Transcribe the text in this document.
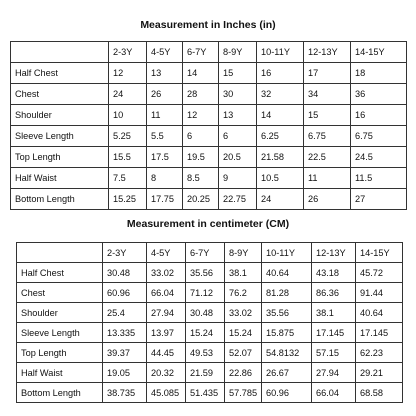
Measurement in Inches (in)
	2-3Y	4-5Y	6-7Y	8-9Y	10-11Y	12-13Y	14-15Y
Half Chest	12	13	14	15	16	17	18
Chest	24	26	28	30	32	34	36
Shoulder	10	11	12	13	14	15	16
Sleeve Length	5.25	5.5	6	6	6.25	6.75	6.75
Top Length	15.5	17.5	19.5	20.5	21.58	22.5	24.5
Half Waist	7.5	8	8.5	9	10.5	11	11.5
Bottom Length	15.25	17.75	20.25	22.75	24	26	27
Measurement in centimeter (CM)
	2-3Y	4-5Y	6-7Y	8-9Y	10-11Y	12-13Y	14-15Y
Half Chest	30.48	33.02	35.56	38.1	40.64	43.18	45.72
Chest	60.96	66.04	71.12	76.2	81.28	86.36	91.44
Shoulder	25.4	27.94	30.48	33.02	35.56	38.1	40.64
Sleeve Length	13.335	13.97	15.24	15.24	15.875	17.145	17.145
Top Length	39.37	44.45	49.53	52.07	54.8132	57.15	62.23
Half Waist	19.05	20.32	21.59	22.86	26.67	27.94	29.21
Bottom Length	38.735	45.085	51.435	57.785	60.96	66.04	68.58
